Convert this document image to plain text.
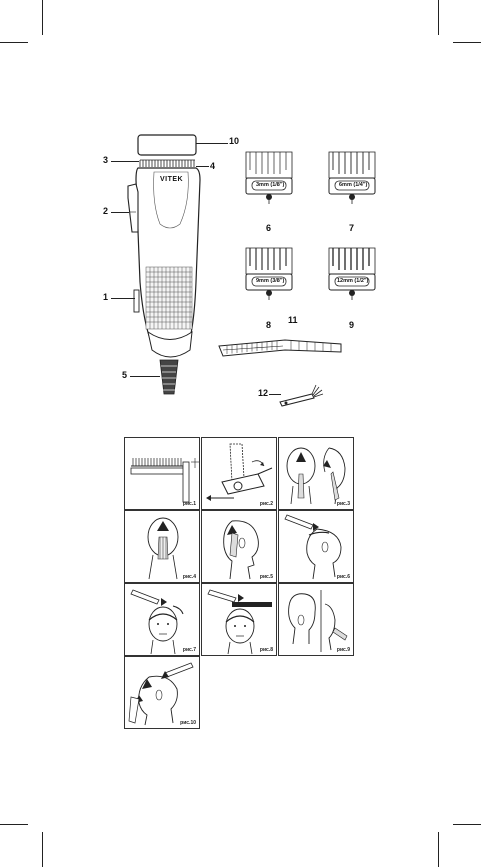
VITEK
10
3
4
2
1
5
3mm (1/8")
6
6mm (1/4")
7
9mm (3/8")
8
12mm (1/2")
9
11
12
рис.1	рис.2	рис.3
рис.4	рис.5	рис.6
рис.7	рис.8	рис.9
рис.10
